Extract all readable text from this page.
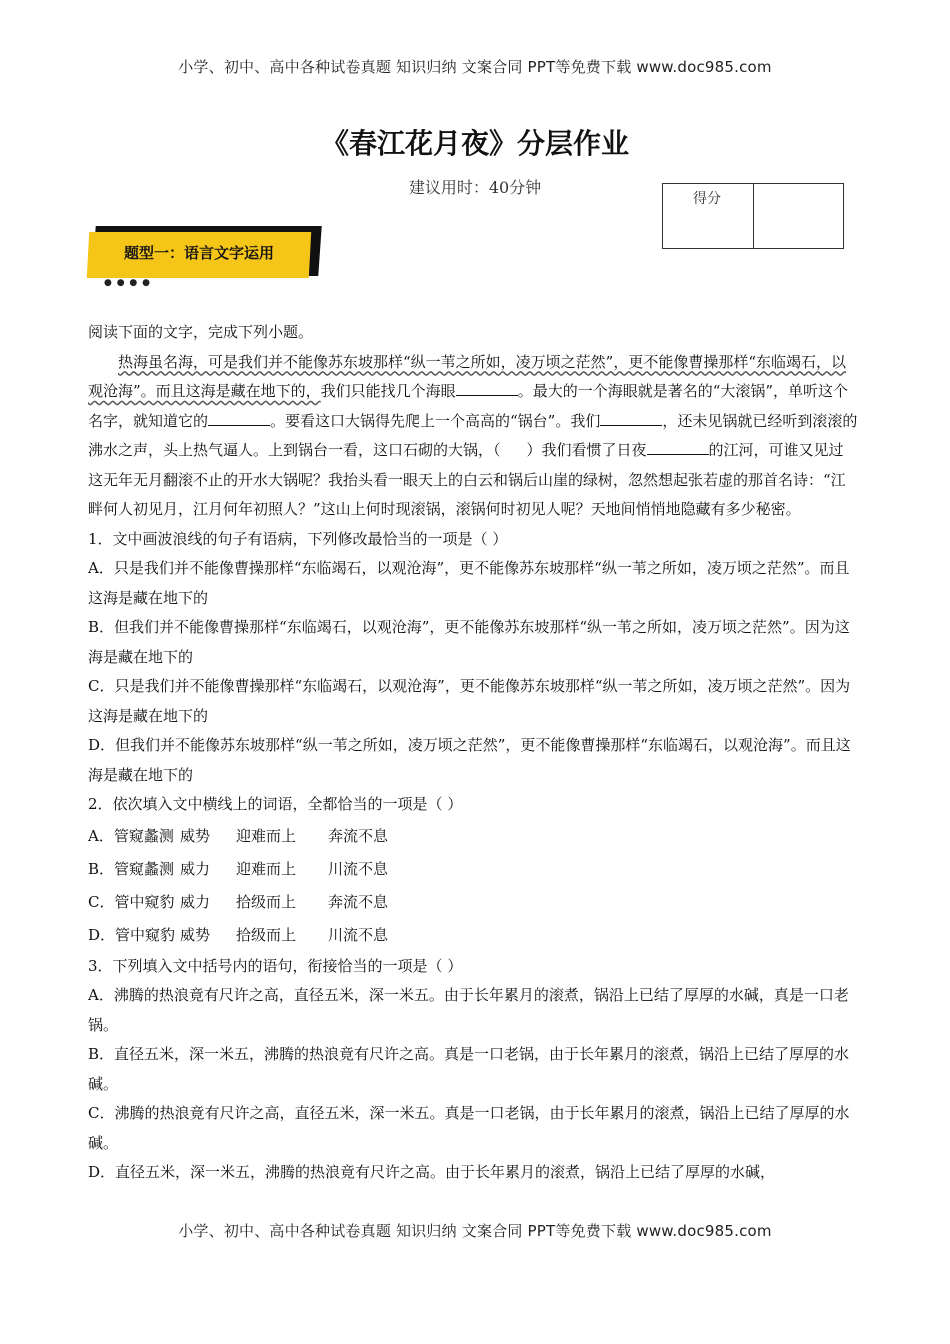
小学、初中、高中各种试卷真题 知识归纳 文案合同 PPT等免费下载 www.doc985.com
《春江花月夜》分层作业
建议用时：40分钟
得分
题型一：语言文字运用
● ● ● ●

阅读下面的文字，完成下列小题。

热海虽名海，可是我们并不能像苏东坡那样“纵一苇之所如，凌万顷之茫然”，更不能像曹操那样“东临竭石，以观沧海”。而且这海是藏在地下的，我们只能找几个海眼	。最大的一个海眼就是著名的“大滚锅”，单听这个名字，就知道它的	。要看这口大锅得先爬上一个高高的“锅台”。我们	，还未见锅就已经听到滚滚的沸水之声，头上热气逼人。上到锅台一看，这口石砌的大锅，（ ）我们看惯了日夜	的江河，可谁又见过这无年无月翻滚不止的开水大锅呢？我抬头看一眼天上的白云和锅后山崖的绿树，忽然想起张若虚的那首名诗：“江畔何人初见月，江月何年初照人？”这山上何时现滚锅，滚锅何时初见人呢？天地间悄悄地隐藏有多少秘密。

1．文中画波浪线的句子有语病，下列修改最恰当的一项是（ ）

A．只是我们并不能像曹操那样“东临竭石，以观沧海”，更不能像苏东坡那样“纵一苇之所如，凌万顷之茫然”。而且这海是藏在地下的

B．但我们并不能像曹操那样“东临竭石，以观沧海”，更不能像苏东坡那样“纵一苇之所如，凌万顷之茫然”。因为这海是藏在地下的

C．只是我们并不能像曹操那样“东临竭石，以观沧海”，更不能像苏东坡那样“纵一苇之所如，凌万顷之茫然”。因为这海是藏在地下的

D．但我们并不能像苏东坡那样“纵一苇之所如，凌万顷之茫然”，更不能像曹操那样“东临竭石，以观沧海”。而且这海是藏在地下的

2．依次填入文中横线上的词语，全都恰当的一项是（ ）

A．管窥蠡测 威势 迎难而上 奔流不息

B．管窥蠡测 威力 迎难而上 川流不息

C．管中窥豹 威力 拾级而上 奔流不息

D．管中窥豹 威势 拾级而上 川流不息

3．下列填入文中括号内的语句，衔接恰当的一项是（ ）

A．沸腾的热浪竟有尺许之高，直径五米，深一米五。由于长年累月的滚煮，锅沿上已结了厚厚的水碱，真是一口老锅。

B．直径五米，深一米五，沸腾的热浪竟有尺许之高。真是一口老锅，由于长年累月的滚煮，锅沿上已结了厚厚的水碱。

C．沸腾的热浪竟有尺许之高，直径五米，深一米五。真是一口老锅，由于长年累月的滚煮，锅沿上已结了厚厚的水碱。

D．直径五米，深一米五，沸腾的热浪竟有尺许之高。由于长年累月的滚煮，锅沿上已结了厚厚的水碱，

小学、初中、高中各种试卷真题 知识归纳 文案合同 PPT等免费下载 www.doc985.com
